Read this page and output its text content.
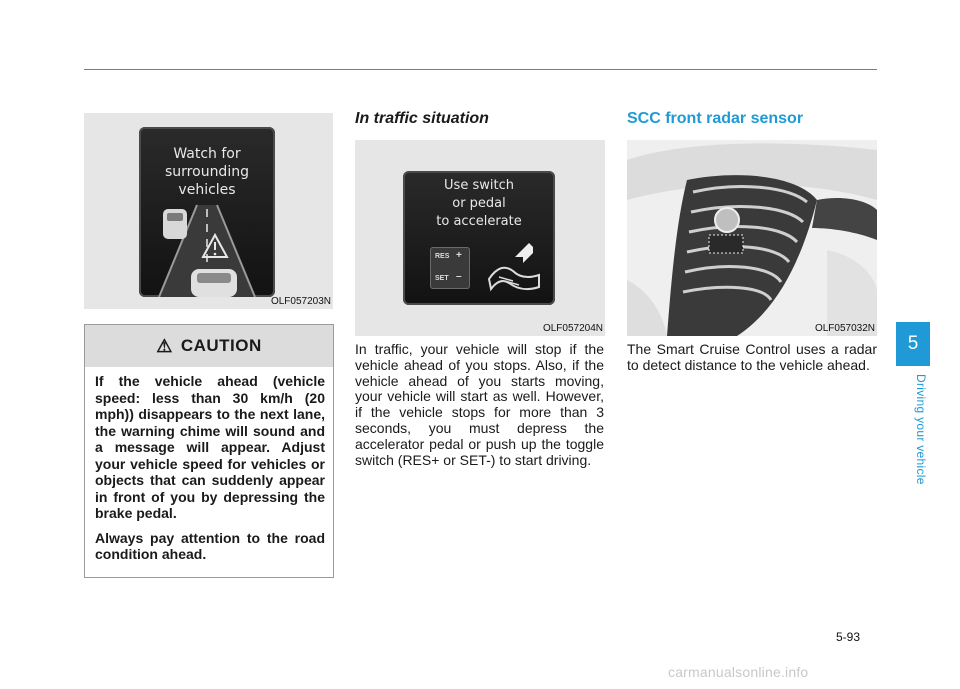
Watch for
surrounding
vehicles
OLF057203N
⚠ CAUTION

If the vehicle ahead (vehicle speed: less than 30 km/h (20 mph)) disappears to the next lane, the warning chime will sound and a message will appear. Adjust your vehicle speed for vehicles or objects that can suddenly appear in front of you by depressing the brake pedal.

Always pay attention to the road condition ahead.

In traffic situation
Use switch
or pedal
to accelerate
RES +
SET –
OLF057204N
In traffic, your vehicle will stop if the vehicle ahead of you stops. Also, if the vehicle ahead of you starts moving, your vehicle will start as well. However, if the vehicle stops for more than 3 seconds, you must depress the accelerator pedal or push up the toggle switch (RES+ or SET-) to start driving.
SCC front radar sensor
OLF057032N
The Smart Cruise Control uses a radar to detect distance to the vehicle ahead.
5
Driving your vehicle
5-93
carmanualsonline.info
